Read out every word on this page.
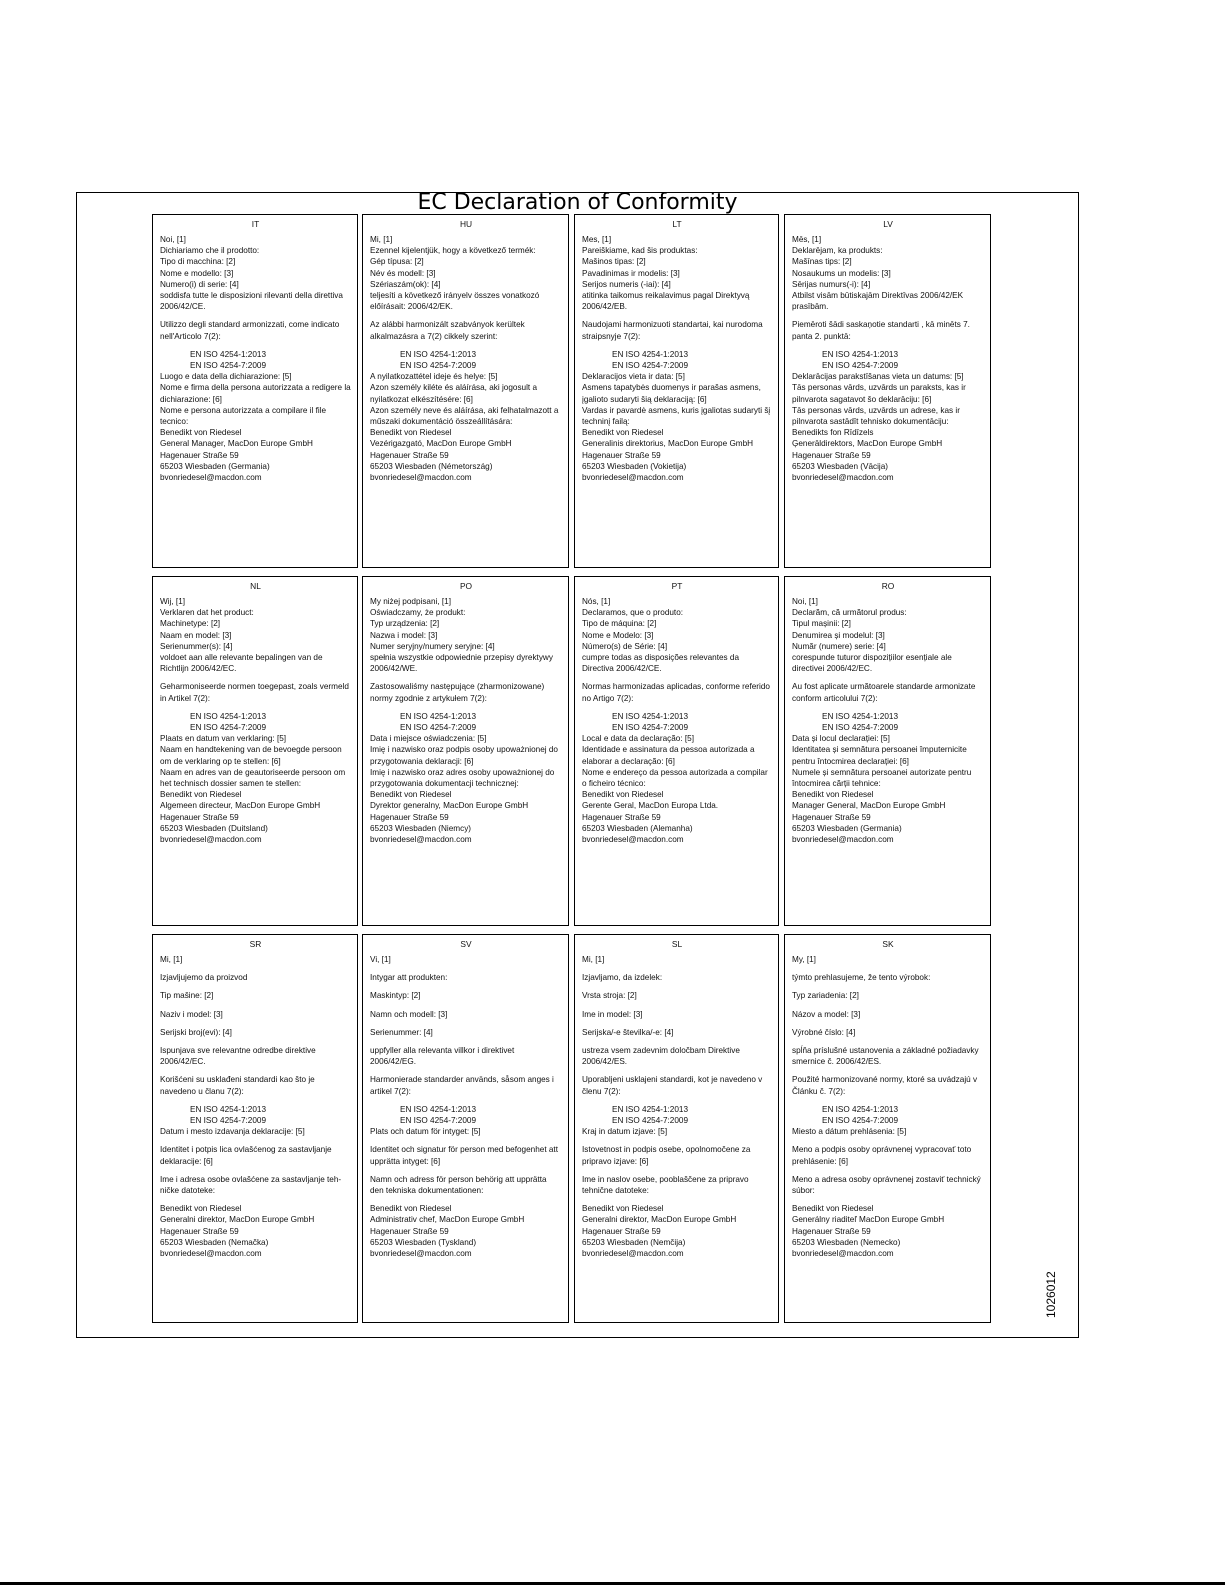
EC Declaration of Conformity
IT
Noi, [1]
Dichiariamo che il prodotto:
Tipo di macchina: [2]
Nome e modello: [3]
Numero(i) di serie: [4]
soddisfa tutte le disposizioni rilevanti della direttiva 2006/42/CE.
Utilizzo degli standard armonizzati, come indicato nell'Articolo 7(2):
EN ISO 4254-1:2013
EN ISO 4254-7:2009
Luogo e data della dichiarazione: [5]
Nome e firma della persona autorizzata a redigere la dichiarazione: [6]
Nome e persona autorizzata a compilare il file tecnico:
Benedikt von Riedesel
General Manager, MacDon Europe GmbH
Hagenauer Straße 59
65203 Wiesbaden (Germania)
bvonriedesel@macdon.com
HU
Mi, [1]
Ezennel kijelentjük, hogy a következő termék:
Gép típusa: [2]
Név és modell: [3]
Szériaszám(ok): [4]
teljesíti a következő irányelv összes vonatkozó előírásait: 2006/42/EK.
Az alábbi harmonizált szabványok kerültek alkalmazásra a 7(2) cikkely szerint:
EN ISO 4254-1:2013
EN ISO 4254-7:2009
A nyilatkozattétel ideje és helye: [5]
Azon személy kiléte és aláírása, aki jogosult a nyilatkozat elkészítésére: [6]
Azon személy neve és aláírása, aki felhatalmazott a műszaki dokumentáció összeállítására:
Benedikt von Riedesel
Vezérigazgató, MacDon Europe GmbH
Hagenauer Straße 59
65203 Wiesbaden (Németország)
bvonriedesel@macdon.com
LT
Mes, [1]
Pareiškiame, kad šis produktas:
Mašinos tipas: [2]
Pavadinimas ir modelis: [3]
Serijos numeris (-iai): [4]
atitinka taikomus reikalavimus pagal Direktyvą 2006/42/EB.
Naudojami harmonizuoti standartai, kai nurodoma straipsnyje 7(2):
EN ISO 4254-1:2013
EN ISO 4254-7:2009
Deklaracijos vieta ir data: [5]
Asmens tapatybės duomenys ir parašas asmens, įgalioto sudaryti šią deklaraciją: [6]
Vardas ir pavardė asmens, kuris įgaliotas sudaryti šį techninį failą:
Benedikt von Riedesel
Generalinis direktorius, MacDon Europe GmbH
Hagenauer Straße 59
65203 Wiesbaden (Vokietija)
bvonriedesel@macdon.com
LV
Mēs, [1]
Deklarējam, ka produkts:
Mašīnas tips: [2]
Nosaukums un modelis: [3]
Sērijas numurs(-i): [4]
Atbilst visām būtiskajām Direktīvas 2006/42/EK prasībām.
Piemēroti šādi saskaņotie standarti , kā minēts 7. panta 2. punktā:
EN ISO 4254-1:2013
EN ISO 4254-7:2009
Deklarācijas parakstīšanas vieta un datums: [5]
Tās personas vārds, uzvārds un paraksts, kas ir pilnvarota sagatavot šo deklarāciju: [6]
Tās personas vārds, uzvārds un adrese, kas ir pilnvarota sastādīt tehnisko dokumentāciju:
Benedikts fon Rīdīzels
Ģenerāldirektors, MacDon Europe GmbH
Hagenauer Straße 59
65203 Wiesbaden (Vācija)
bvonriedesel@macdon.com
NL
Wij, [1]
Verklaren dat het product:
Machinetype: [2]
Naam en model: [3]
Serienummer(s): [4]
voldoet aan alle relevante bepalingen van de Richtlijn 2006/42/EC.
Geharmoniseerde normen toegepast, zoals vermeld in Artikel 7(2):
EN ISO 4254-1:2013
EN ISO 4254-7:2009
Plaats en datum van verklaring: [5]
Naam en handtekening van de bevoegde persoon om de verklaring op te stellen: [6]
Naam en adres van de geautoriseerde persoon om het technisch dossier samen te stellen:
Benedikt von Riedesel
Algemeen directeur, MacDon Europe GmbH
Hagenauer Straße 59
65203 Wiesbaden (Duitsland)
bvonriedesel@macdon.com
PO
My niżej podpisani, [1]
Oświadczamy, że produkt:
Typ urządzenia: [2]
Nazwa i model: [3]
Numer seryjny/numery seryjne: [4]
spełnia wszystkie odpowiednie przepisy dyrektywy 2006/42/WE.
Zastosowaliśmy następujące (zharmonizowane) normy zgodnie z artykułem 7(2):
EN ISO 4254-1:2013
EN ISO 4254-7:2009
Data i miejsce oświadczenia: [5]
Imię i nazwisko oraz podpis osoby upoważnionej do przygotowania deklaracji: [6]
Imię i nazwisko oraz adres osoby upoważnionej do przygotowania dokumentacji technicznej:
Benedikt von Riedesel
Dyrektor generalny, MacDon Europe GmbH
Hagenauer Straße 59
65203 Wiesbaden (Niemcy)
bvonriedesel@macdon.com
PT
Nós, [1]
Declaramos, que o produto:
Tipo de máquina: [2]
Nome e Modelo: [3]
Número(s) de Série: [4]
cumpre todas as disposições relevantes da Directiva 2006/42/CE.
Normas harmonizadas aplicadas, conforme referido no Artigo 7(2):
EN ISO 4254-1:2013
EN ISO 4254-7:2009
Local e data da declaração: [5]
Identidade e assinatura da pessoa autorizada a elaborar a declaração: [6]
Nome e endereço da pessoa autorizada a compilar o ficheiro técnico:
Benedikt von Riedesel
Gerente Geral, MacDon Europa Ltda.
Hagenauer Straße 59
65203 Wiesbaden (Alemanha)
bvonriedesel@macdon.com
RO
Noi, [1]
Declarăm, că următorul produs:
Tipul mașinii: [2]
Denumirea și modelul: [3]
Număr (numere) serie: [4]
corespunde tuturor dispozițiilor esențiale ale directivei 2006/42/EC.
Au fost aplicate următoarele standarde armonizate conform articolului 7(2):
EN ISO 4254-1:2013
EN ISO 4254-7:2009
Data și locul declarației: [5]
Identitatea și semnătura persoanei împuternicite pentru întocmirea declarației: [6]
Numele și semnătura persoanei autorizate pentru întocmirea cărții tehnice:
Benedikt von Riedesel
Manager General, MacDon Europe GmbH
Hagenauer Straße 59
65203 Wiesbaden (Germania)
bvonriedesel@macdon.com
SR
Mi, [1]
Izjavljujemo da proizvod
Tip mašine: [2]
Naziv i model: [3]
Serijski broj(evi): [4]
Ispunjava sve relevantne odredbe direktive 2006/42/EC.
Korišćeni su usklađeni standardi kao što je navedeno u članu 7(2):
EN ISO 4254-1:2013
EN ISO 4254-7:2009
Datum i mesto izdavanja deklaracije: [5]
Identitet i potpis lica ovlašćenog za sastavljanje deklaracije: [6]
Ime i adresa osobe ovlašćene za sastavljanje teh-ničke datoteke:
Benedikt von Riedesel
Generalni direktor, MacDon Europe GmbH
Hagenauer Straße 59
65203 Wiesbaden (Nemačka)
bvonriedesel@macdon.com
SV
Vi, [1]
Intygar att produkten:
Maskintyp: [2]
Namn och modell: [3]
Serienummer: [4]
uppfyller alla relevanta villkor i direktivet 2006/42/EG.
Harmonierade standarder används, såsom anges i artikel 7(2):
EN ISO 4254-1:2013
EN ISO 4254-7:2009
Plats och datum för intyget: [5]
Identitet och signatur för person med befogenhet att upprätta intyget: [6]
Namn och adress för person behörig att upprätta den tekniska dokumentationen:
Benedikt von Riedesel
Administrativ chef, MacDon Europe GmbH
Hagenauer Straße 59
65203 Wiesbaden (Tyskland)
bvonriedesel@macdon.com
SL
Mi, [1]
Izjavljamo, da izdelek:
Vrsta stroja: [2]
Ime in model: [3]
Serijska/-e številka/-e: [4]
ustreza vsem zadevnim določbam Direktive 2006/42/ES.
Uporabljeni usklajeni standardi, kot je navedeno v členu 7(2):
EN ISO 4254-1:2013
EN ISO 4254-7:2009
Kraj in datum izjave: [5]
Istovetnost in podpis osebe, opolnomočene za pripravo izjave: [6]
Ime in naslov osebe, pooblaščene za pripravo tehnične datoteke:
Benedikt von Riedesel
Generalni direktor, MacDon Europe GmbH
Hagenauer Straße 59
65203 Wiesbaden (Nemčija)
bvonriedesel@macdon.com
SK
My, [1]
týmto prehlasujeme, že tento výrobok:
Typ zariadenia: [2]
Názov a model: [3]
Výrobné číslo: [4]
spĺňa príslušné ustanovenia a základné požiadavky smernice č. 2006/42/ES.
Použité harmonizované normy, ktoré sa uvádzajú v Článku č. 7(2):
EN ISO 4254-1:2013
EN ISO 4254-7:2009
Miesto a dátum prehlásenia: [5]
Meno a podpis osoby oprávnenej vypracovať toto prehlásenie: [6]
Meno a adresa osoby oprávnenej zostaviť technický súbor:
Benedikt von Riedesel
Generálny riaditeľ MacDon Europe GmbH
Hagenauer Straße 59
65203 Wiesbaden (Nemecko)
bvonriedesel@macdon.com
1026012
